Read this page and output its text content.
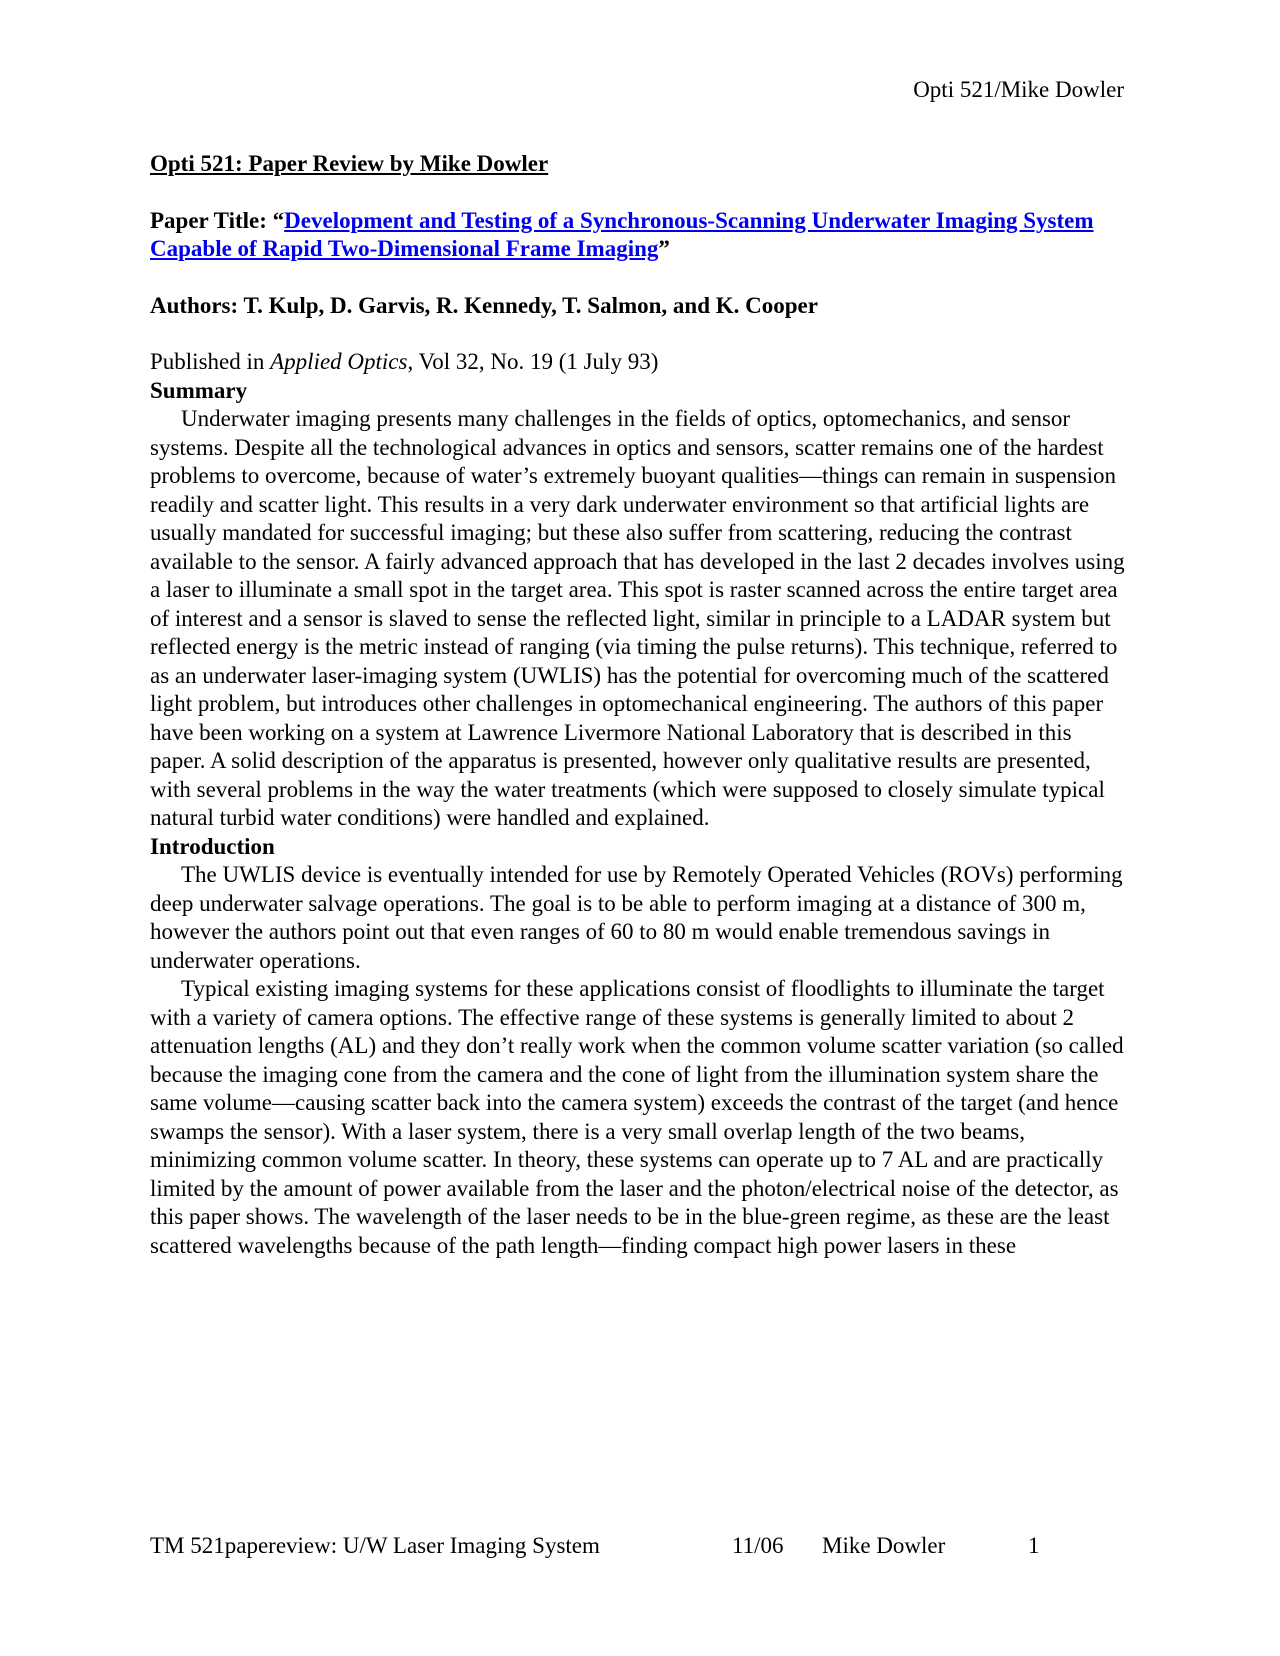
Opti 521/Mike Dowler

Opti 521: Paper Review by Mike Dowler

Paper Title: “Development and Testing of a Synchronous-Scanning Underwater Imaging System Capable of Rapid Two-Dimensional Frame Imaging”

Authors: T. Kulp, D. Garvis, R. Kennedy, T. Salmon, and K. Cooper

Published in Applied Optics, Vol 32, No. 19 (1 July 93)

Summary

Underwater imaging presents many challenges in the fields of optics, optomechanics, and sensor systems. Despite all the technological advances in optics and sensors, scatter remains one of the hardest problems to overcome, because of water’s extremely buoyant qualities—things can remain in suspension readily and scatter light. This results in a very dark underwater environment so that artificial lights are usually mandated for successful imaging; but these also suffer from scattering, reducing the contrast available to the sensor. A fairly advanced approach that has developed in the last 2 decades involves using a laser to illuminate a small spot in the target area. This spot is raster scanned across the entire target area of interest and a sensor is slaved to sense the reflected light, similar in principle to a LADAR system but reflected energy is the metric instead of ranging (via timing the pulse returns). This technique, referred to as an underwater laser-imaging system (UWLIS) has the potential for overcoming much of the scattered light problem, but introduces other challenges in optomechanical engineering. The authors of this paper have been working on a system at Lawrence Livermore National Laboratory that is described in this paper. A solid description of the apparatus is presented, however only qualitative results are presented, with several problems in the way the water treatments (which were supposed to closely simulate typical natural turbid water conditions) were handled and explained.

Introduction

The UWLIS device is eventually intended for use by Remotely Operated Vehicles (ROVs) performing deep underwater salvage operations. The goal is to be able to perform imaging at a distance of 300 m, however the authors point out that even ranges of 60 to 80 m would enable tremendous savings in underwater operations.

Typical existing imaging systems for these applications consist of floodlights to illuminate the target with a variety of camera options. The effective range of these systems is generally limited to about 2 attenuation lengths (AL) and they don’t really work when the common volume scatter variation (so called because the imaging cone from the camera and the cone of light from the illumination system share the same volume—causing scatter back into the camera system) exceeds the contrast of the target (and hence swamps the sensor). With a laser system, there is a very small overlap length of the two beams, minimizing common volume scatter. In theory, these systems can operate up to 7 AL and are practically limited by the amount of power available from the laser and the photon/electrical noise of the detector, as this paper shows. The wavelength of the laser needs to be in the blue-green regime, as these are the least scattered wavelengths because of the path length—finding compact high power lasers in these

TM 521papereview: U/W Laser Imaging System	11/06 Mike Dowler	1
